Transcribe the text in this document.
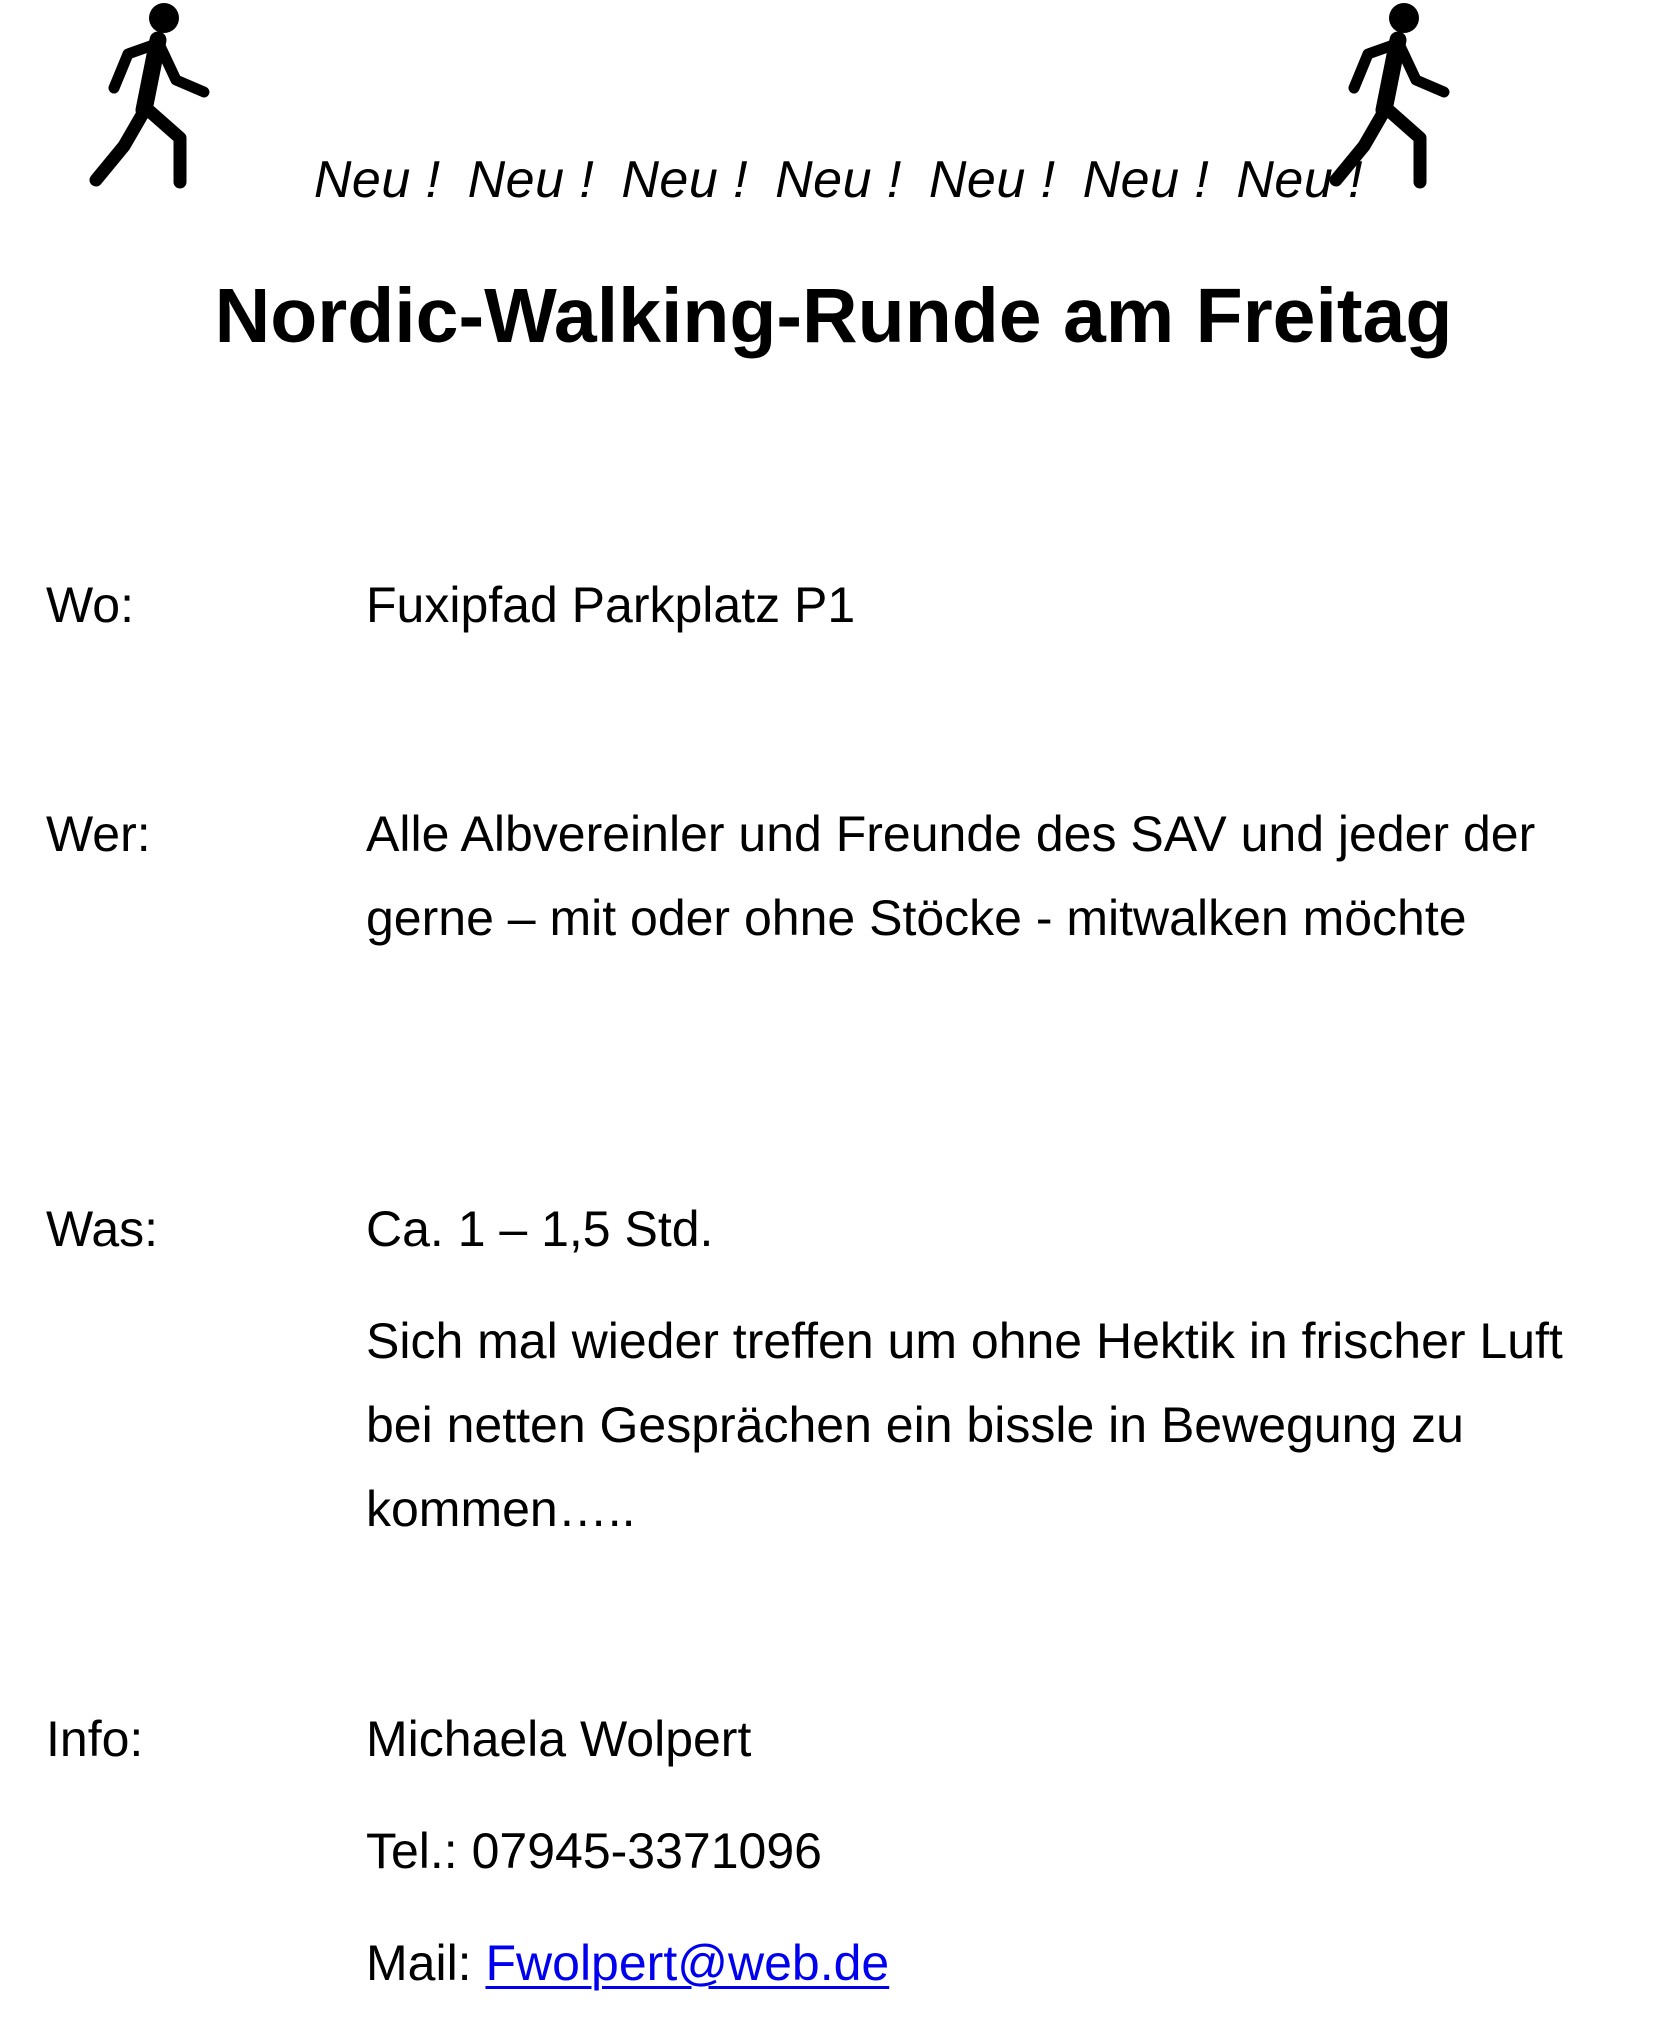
Neu ! Neu ! Neu ! Neu ! Neu ! Neu ! Neu !
Nordic-Walking-Runde am Freitag
Wo:	Fuxipfad Parkplatz P1

Wer:	Alle Albvereinler und Freunde des SAV und jeder der gerne – mit oder ohne Stöcke - mitwalken möchte

Was:	Ca. 1 – 1,5 Std.

Sich mal wieder treffen um ohne Hektik in frischer Luft bei netten Gesprächen ein bissle in Bewegung zu kommen…..

Info:	Michaela Wolpert

Tel.: 07945-3371096

Mail: Fwolpert@web.de
